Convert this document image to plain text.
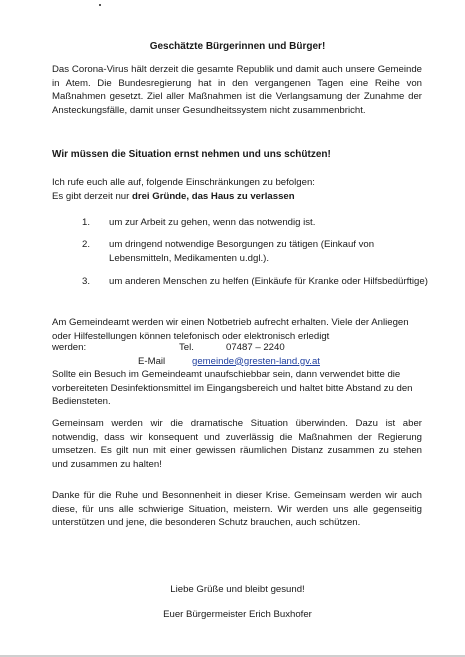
Geschätzte Bürgerinnen und Bürger!
Das Corona-Virus hält derzeit die gesamte Republik und damit auch unsere Gemeinde in Atem. Die Bundesregierung hat in den vergangenen Tagen eine Reihe von Maßnahmen gesetzt. Ziel aller Maßnahmen ist die Verlangsamung der Zunahme der Ansteckungsfälle, damit unser Gesundheitssystem nicht zusammenbricht.
Wir müssen die Situation ernst nehmen und uns schützen!
Ich rufe euch alle auf, folgende Einschränkungen zu befolgen:
Es gibt derzeit nur drei Gründe, das Haus zu verlassen
1. um zur Arbeit zu gehen, wenn das notwendig ist.
2. um dringend notwendige Besorgungen zu tätigen (Einkauf von Lebensmitteln, Medikamenten u.dgl.).
3. um anderen Menschen zu helfen (Einkäufe für Kranke oder Hilfsbedürftige)
Am Gemeindeamt werden wir einen Notbetrieb aufrecht erhalten. Viele der Anliegen oder Hilfestellungen können telefonisch oder elektronisch erledigt
werden:	Tel.	07487 – 2240
E-Mail	gemeinde@gresten-land.gv.at
Sollte ein Besuch im Gemeindeamt unaufschiebbar sein, dann verwendet bitte die vorbereiteten Desinfektionsmittel im Eingangsbereich und haltet bitte Abstand zu den Bediensteten.
Gemeinsam werden wir die dramatische Situation überwinden. Dazu ist aber notwendig, dass wir konsequent und zuverlässig die Maßnahmen der Regierung umsetzen. Es gilt nun mit einer gewissen räumlichen Distanz zusammen zu stehen und zusammen zu halten!
Danke für die Ruhe und Besonnenheit in dieser Krise. Gemeinsam werden wir auch diese, für uns alle schwierige Situation, meistern. Wir werden uns alle gegenseitig unterstützen und jene, die besonderen Schutz brauchen, auch schützen.
Liebe Grüße und bleibt gesund!
Euer Bürgermeister Erich Buxhofer
